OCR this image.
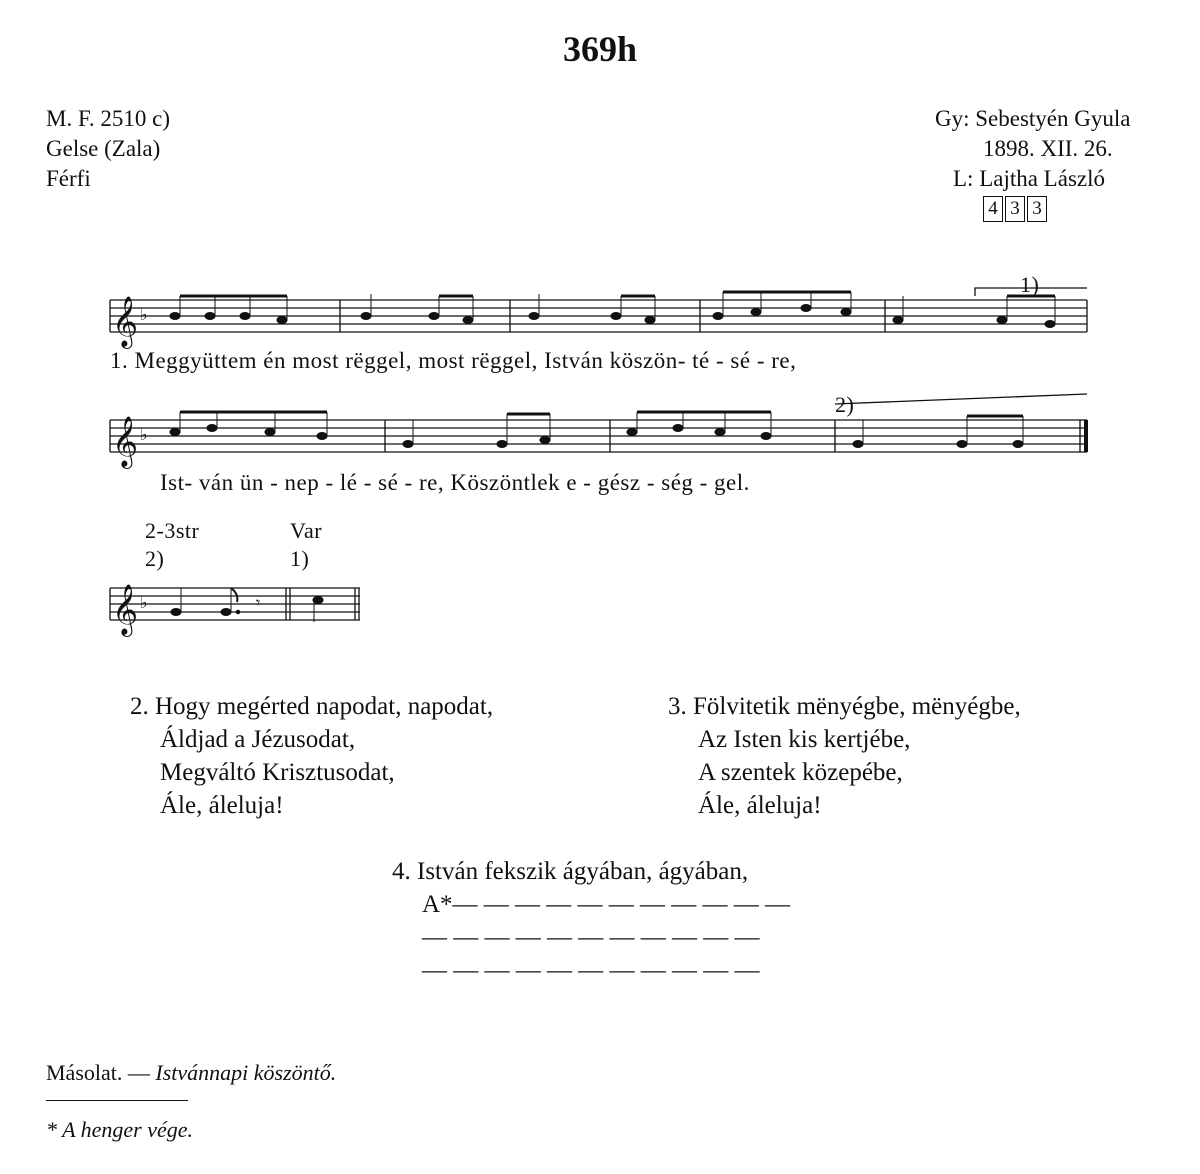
369h
M. F. 2510 c)
Gelse (Zala)
Férfi
Gy: Sebestyén Gyula
1898. XII. 26.
L: Lajtha László
4 3 3
𝄞 ♭
𝄞 ♭
𝄞 ♭	𝄾
1. Meggyüttem én most rëggel, most rëggel, István köszön- té - sé - re,
1)
Ist- ván ün - nep - lé - sé - re, Köszöntlek e - gész - ség - gel.
2)
2-3str	Var
2)	1)
2. Hogy megérted napodat, napodat,
Áldjad a Jézusodat,
Megváltó Krisztusodat,
Ále, áleluja!
3. Fölvitetik mënyégbe, mënyégbe,
Az Isten kis kertjébe,
A szentek közepébe,
Ále, áleluja!
4. István fekszik ágyában, ágyában,
A*— — — — — — — — — — —
— — — — — — — — — — —
— — — — — — — — — — —
Másolat. — Istvánnapi köszöntő.
* A henger vége.
